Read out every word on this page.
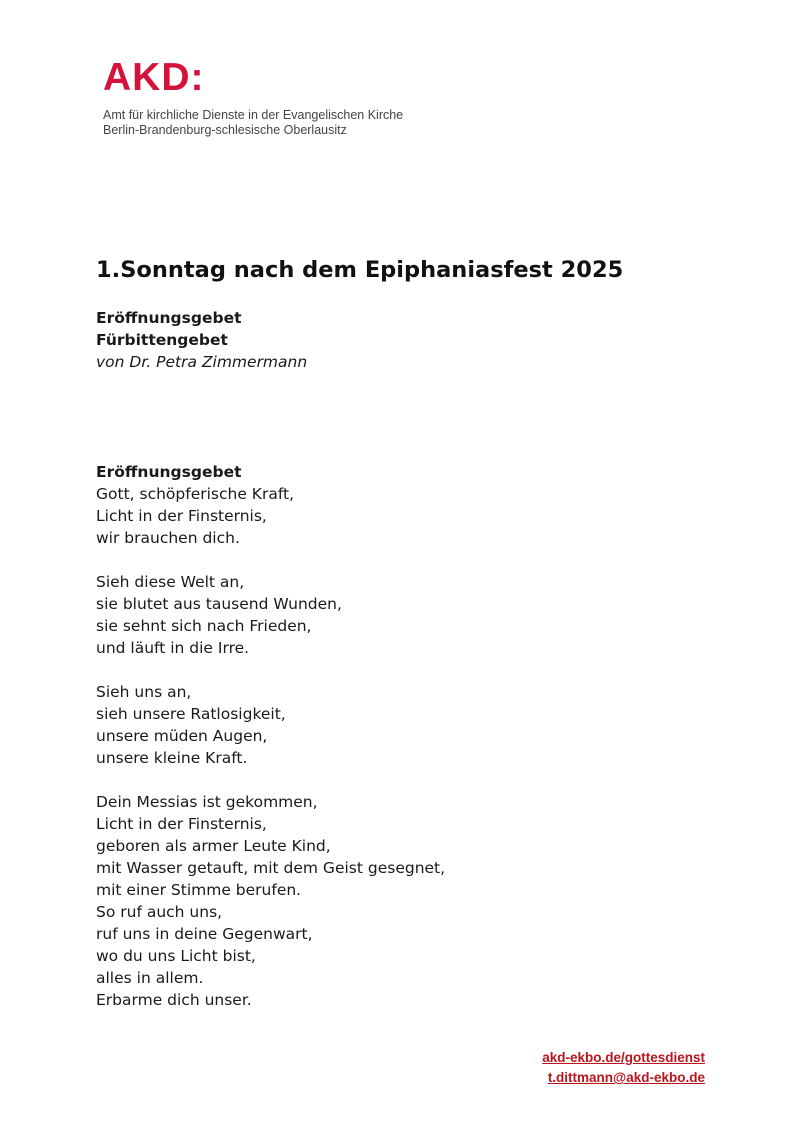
AKD:

Amt für kirchliche Dienste in der Evangelischen Kirche

Berlin-Brandenburg-schlesische Oberlausitz

1.Sonntag nach dem Epiphaniasfest 2025
Eröffnungsgebet
Fürbittengebet
von Dr. Petra Zimmermann
Eröffnungsgebet
Gott, schöpferische Kraft,
Licht in der Finsternis,
wir brauchen dich.
Sieh diese Welt an,
sie blutet aus tausend Wunden,
sie sehnt sich nach Frieden,
und läuft in die Irre.
Sieh uns an,
sieh unsere Ratlosigkeit,
unsere müden Augen,
unsere kleine Kraft.
Dein Messias ist gekommen,
Licht in der Finsternis,
geboren als armer Leute Kind,
mit Wasser getauft, mit dem Geist gesegnet,
mit einer Stimme berufen.
So ruf auch uns,
ruf uns in deine Gegenwart,
wo du uns Licht bist,
alles in allem.
Erbarme dich unser.
akd-ekbo.de/gottesdienst
t.dittmann@akd-ekbo.de
